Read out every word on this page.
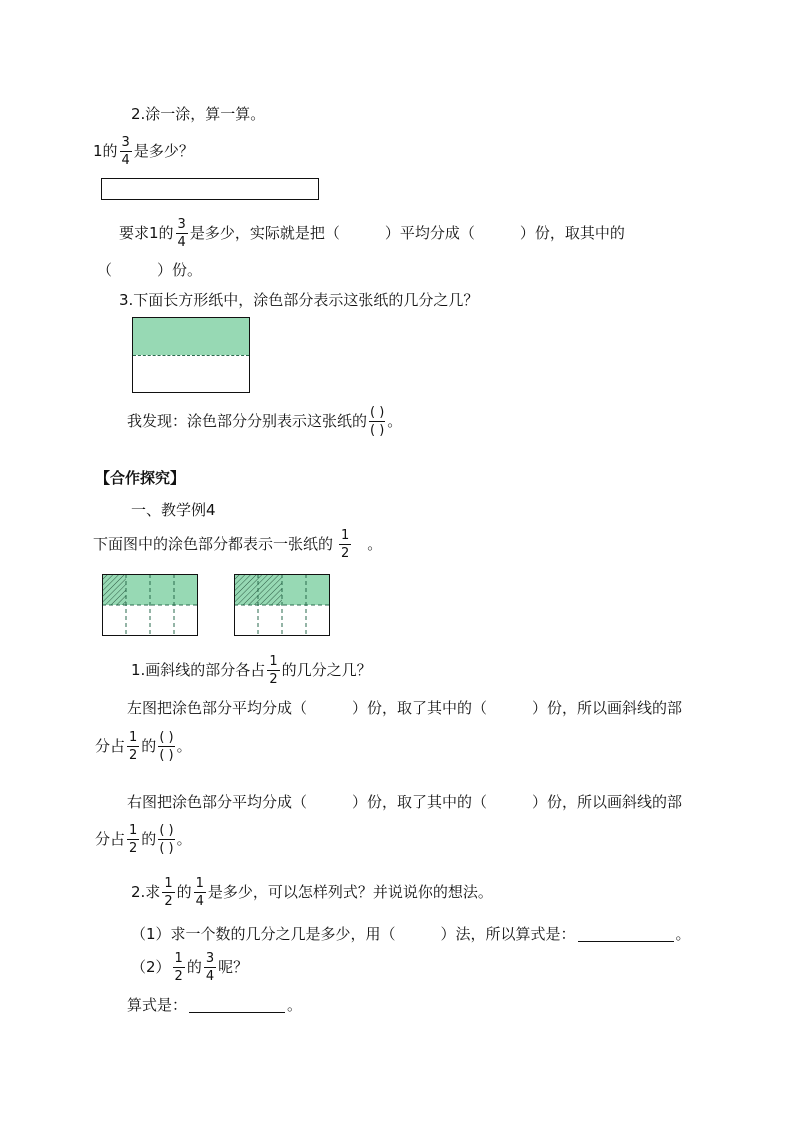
2.涂一涂，算一算。
1的 $\frac{3}{4}$ 是多少？
要求1的 $\frac{3}{4}$ 是多少，实际就是把（　　　）平均分成（　　　）份，取其中的
（　　　）份。
3.下面长方形纸中，涂色部分表示这张纸的几分之几？
我发现：涂色部分分别表示这张纸的 ( )
( )
。
【合作探究】
一、教学例4
下面图中的涂色部分都表示一张纸的 $\frac{1}{2}$ 。
1.画斜线的部分各占 $\frac{1}{2}$ 的几分之几？
左图把涂色部分平均分成（　　　）份，取了其中的（　　　）份，所以画斜线的部
分占 $\frac{1}{2}$ 的 ( )
( )
。
右图把涂色部分平均分成（　　　）份，取了其中的（　　　）份，所以画斜线的部
分占 $\frac{1}{2}$ 的 ( )
( )
。
2.求 $\frac{1}{2}$ 的 $\frac{1}{4}$ 是多少，可以怎样列式？并说说你的想法。
（1）求一个数的几分之几是多少，用（　　　）法，所以算式是：	。
$(2) \frac{1}{2}$ 的 $\frac{3}{4}$ 呢？
算式是：	。
